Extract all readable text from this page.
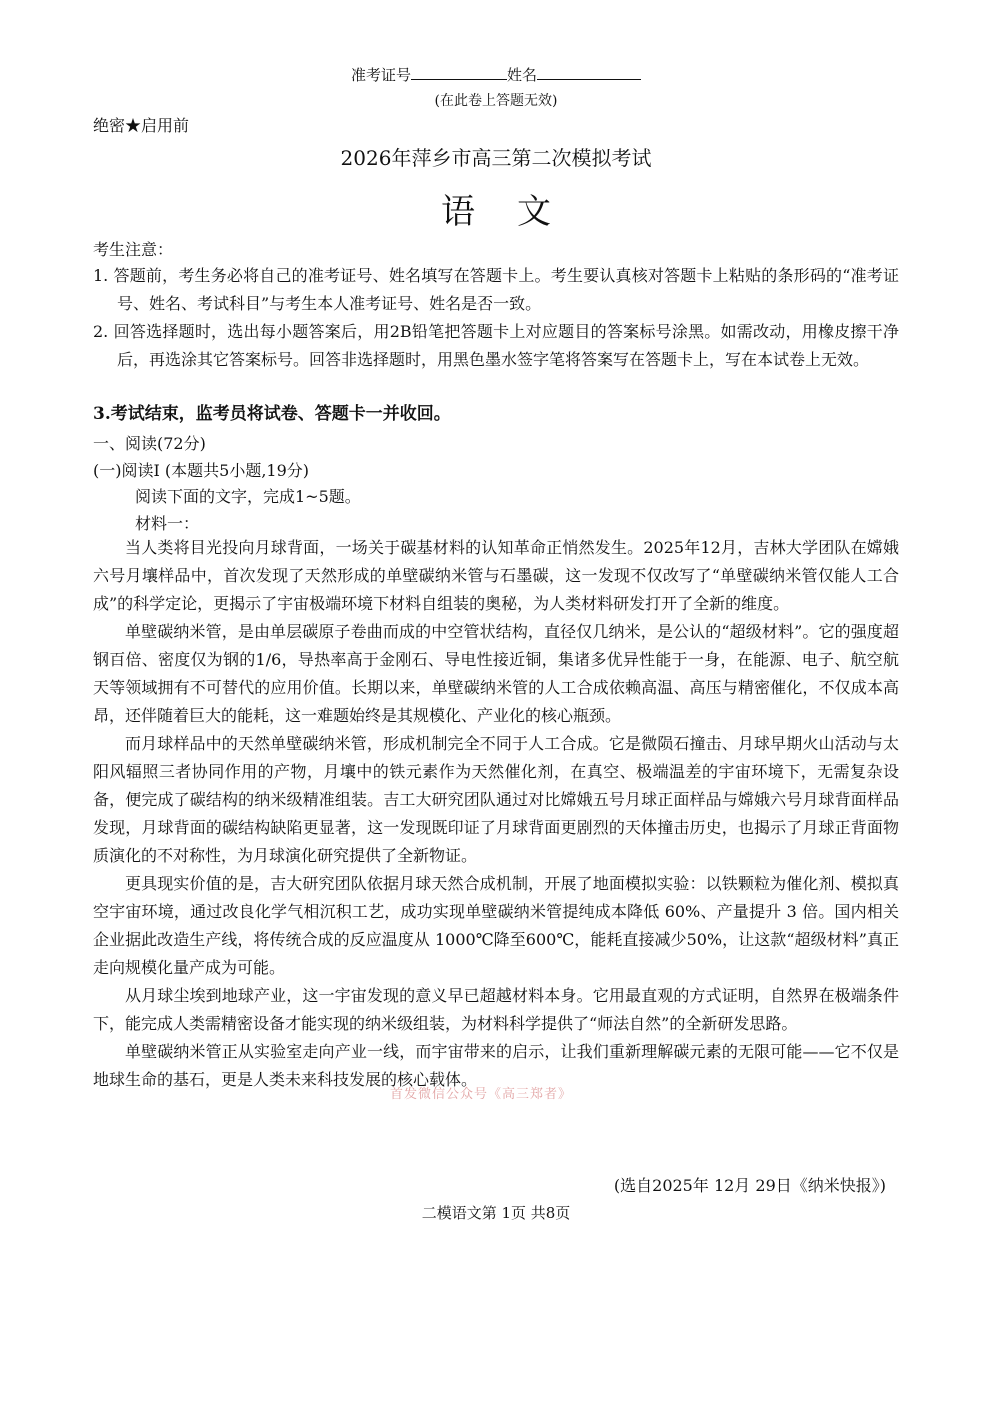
准考证号	姓名
(在此卷上答题无效)
绝密★启用前
2026年萍乡市高三第二次模拟考试
语文
考生注意：

1. 答题前，考生务必将自己的准考证号、姓名填写在答题卡上。考生要认真核对答题卡上粘贴的条形码的“准考证号、姓名、考试科目”与考生本人准考证号、姓名是否一致。

2. 回答选择题时，选出每小题答案后，用2B铅笔把答题卡上对应题目的答案标号涂黑。如需改动，用橡皮擦干净后，再选涂其它答案标号。回答非选择题时，用黑色墨水签字笔将答案写在答题卡上，写在本试卷上无效。

3.考试结束，监考员将试卷、答题卡一并收回。
一、阅读(72分)
(一)阅读Ⅰ (本题共5小题,19分)
阅读下面的文字，完成1~5题。
材料一：

当人类将目光投向月球背面，一场关于碳基材料的认知革命正悄然发生。2025年12月，吉林大学团队在嫦娥六号月壤样品中，首次发现了天然形成的单壁碳纳米管与石墨碳，这一发现不仅改写了“单壁碳纳米管仅能人工合成”的科学定论，更揭示了宇宙极端环境下材料自组装的奥秘，为人类材料研发打开了全新的维度。

单壁碳纳米管，是由单层碳原子卷曲而成的中空管状结构，直径仅几纳米，是公认的“超级材料”。它的强度超钢百倍、密度仅为钢的1/6，导热率高于金刚石、导电性接近铜，集诸多优异性能于一身，在能源、电子、航空航天等领域拥有不可替代的应用价值。长期以来，单壁碳纳米管的人工合成依赖高温、高压与精密催化，不仅成本高昂，还伴随着巨大的能耗，这一难题始终是其规模化、产业化的核心瓶颈。

而月球样品中的天然单壁碳纳米管，形成机制完全不同于人工合成。它是微陨石撞击、月球早期火山活动与太阳风辐照三者协同作用的产物，月壤中的铁元素作为天然催化剂，在真空、极端温差的宇宙环境下，无需复杂设备，便完成了碳结构的纳米级精准组装。吉工大研究团队通过对比嫦娥五号月球正面样品与嫦娥六号月球背面样品发现，月球背面的碳结构缺陷更显著，这一发现既印证了月球背面更剧烈的天体撞击历史，也揭示了月球正背面物质演化的不对称性，为月球演化研究提供了全新物证。

更具现实价值的是，吉大研究团队依据月球天然合成机制，开展了地面模拟实验：以铁颗粒为催化剂、模拟真空宇宙环境，通过改良化学气相沉积工艺，成功实现单壁碳纳米管提纯成本降低 60%、产量提升 3 倍。国内相关企业据此改造生产线，将传统合成的反应温度从 1000℃降至600℃，能耗直接减少50%，让这款“超级材料”真正走向规模化量产成为可能。

从月球尘埃到地球产业，这一宇宙发现的意义早已超越材料本身。它用最直观的方式证明，自然界在极端条件下，能完成人类需精密设备才能实现的纳米级组装，为材料科学提供了“师法自然”的全新研发思路。

单壁碳纳米管正从实验室走向产业一线，而宇宙带来的启示，让我们重新理解碳元素的无限可能——它不仅是地球生命的基石，更是人类未来科技发展的核心载体。

(选自2025年 12月 29日《纳米快报》)
首发微信公众号《高三郑者》
二模语文第 1页 共8页
